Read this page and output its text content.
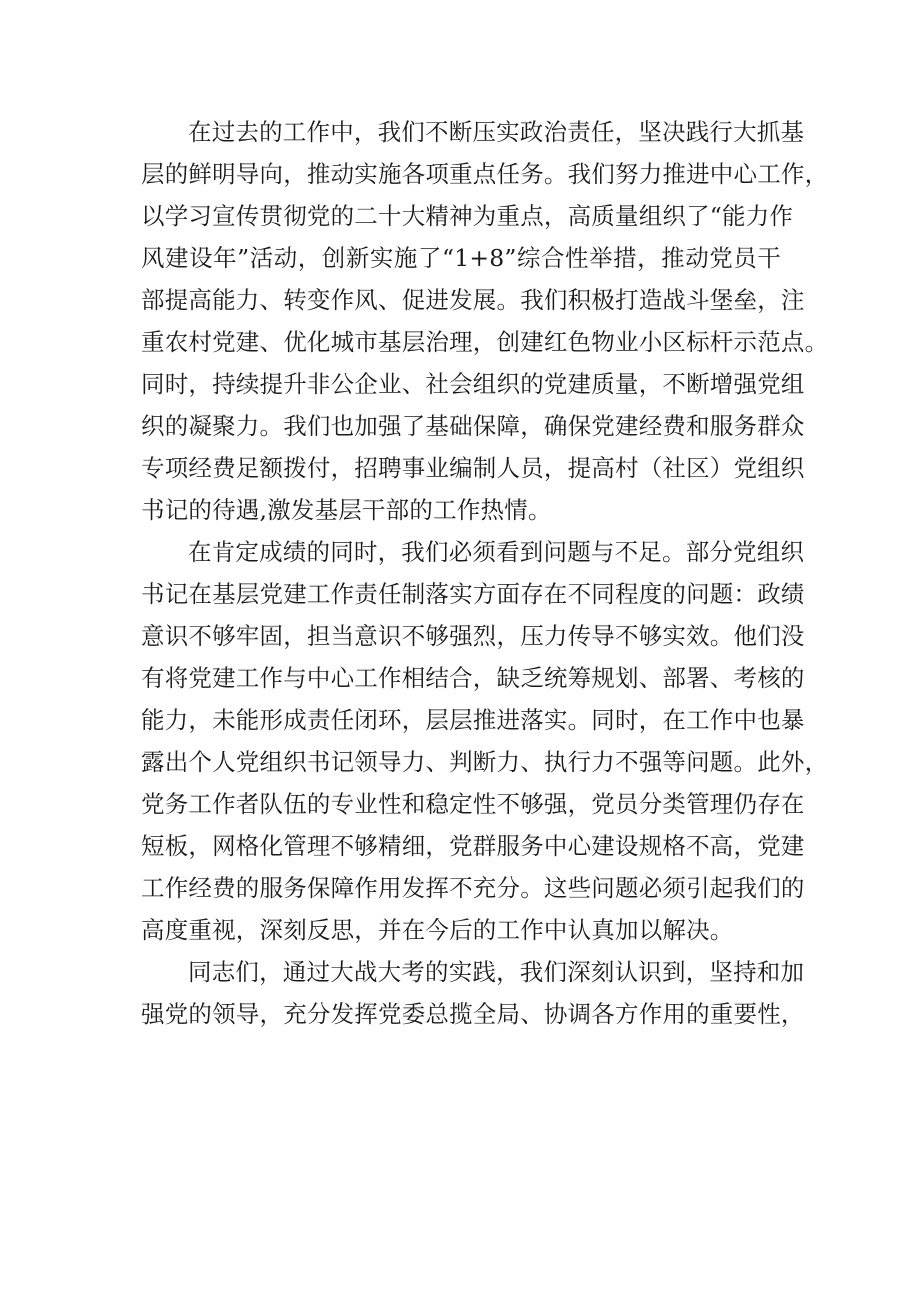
在过去的工作中，我们不断压实政治责任，坚决践行大抓基
层的鲜明导向，推动实施各项重点任务。我们努力推进中心工作，
以学习宣传贯彻党的二十大精神为重点，高质量组织了“能力作
风建设年”活动，创新实施了“1+8”综合性举措，推动党员干
部提高能力、转变作风、促进发展。我们积极打造战斗堡垒，注
重农村党建、优化城市基层治理，创建红色物业小区标杆示范点。
同时，持续提升非公企业、社会组织的党建质量，不断增强党组
织的凝聚力。我们也加强了基础保障，确保党建经费和服务群众
专项经费足额拨付，招聘事业编制人员，提高村（社区）党组织
书记的待遇,激发基层干部的工作热情。

在肯定成绩的同时，我们必须看到问题与不足。部分党组织
书记在基层党建工作责任制落实方面存在不同程度的问题：政绩
意识不够牢固，担当意识不够强烈，压力传导不够实效。他们没
有将党建工作与中心工作相结合，缺乏统筹规划、部署、考核的
能力，未能形成责任闭环，层层推进落实。同时，在工作中也暴
露出个人党组织书记领导力、判断力、执行力不强等问题。此外，
党务工作者队伍的专业性和稳定性不够强，党员分类管理仍存在
短板，网格化管理不够精细，党群服务中心建设规格不高，党建
工作经费的服务保障作用发挥不充分。这些问题必须引起我们的
高度重视，深刻反思，并在今后的工作中认真加以解决。

同志们，通过大战大考的实践，我们深刻认识到，坚持和加
强党的领导，充分发挥党委总揽全局、协调各方作用的重要性，
